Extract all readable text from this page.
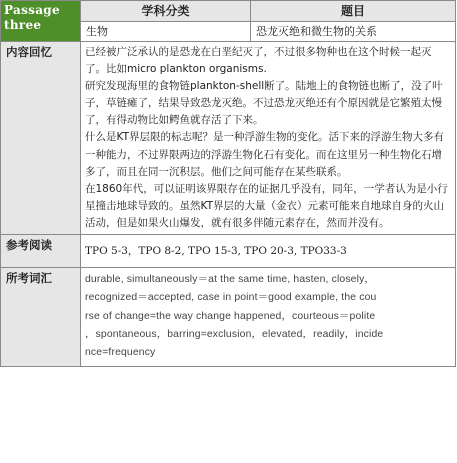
Passage three	学科分类	题目
	生物	恐龙灭绝和微生物的关系
内容回忆	已经被广泛承认的是恐龙在白垩纪灭了，不过很多物种也在这个时候一起灭了。比如micro plankton organisms.

研究发现海里的食物链plankton-shell断了。陆地上的食物链也断了，没了叶子，草链瘫了，结果导致恐龙灭绝。不过恐龙灭绝还有个原因就是它繁殖太慢了，有得动物比如鳄鱼就存活了下来。

什么是KT界层限的标志呢？是一种浮游生物的变化。活下来的浮游生物大多有一种能力，不过界限两边的浮游生物化石有变化。而在这里另一种生物化石增多了，而且在同一沉积层。他们之间可能存在某些联系。

在1860年代，可以证明该界限存在的证据几乎没有，同年，一学者认为是小行星撞击地球导致的。虽然KT界层的大量（金衣）元素可能来自地球自身的火山活动，但是如果火山爆发，就有很多伴随元素存在，然而并没有。	

参考阅读	TPO 5-3，TPO 8-2, TPO 15-3, TPO 20-3, TPO33-3	
所考词汇	durable, simultaneously＝at the same time, hasten, closely，
recognized＝accepted, case in point＝good example, the cou
rse of change=the way change happened，courteous＝polite
，spontaneous，barring=exclusion，elevated，readily，incide
nce=frequency	
